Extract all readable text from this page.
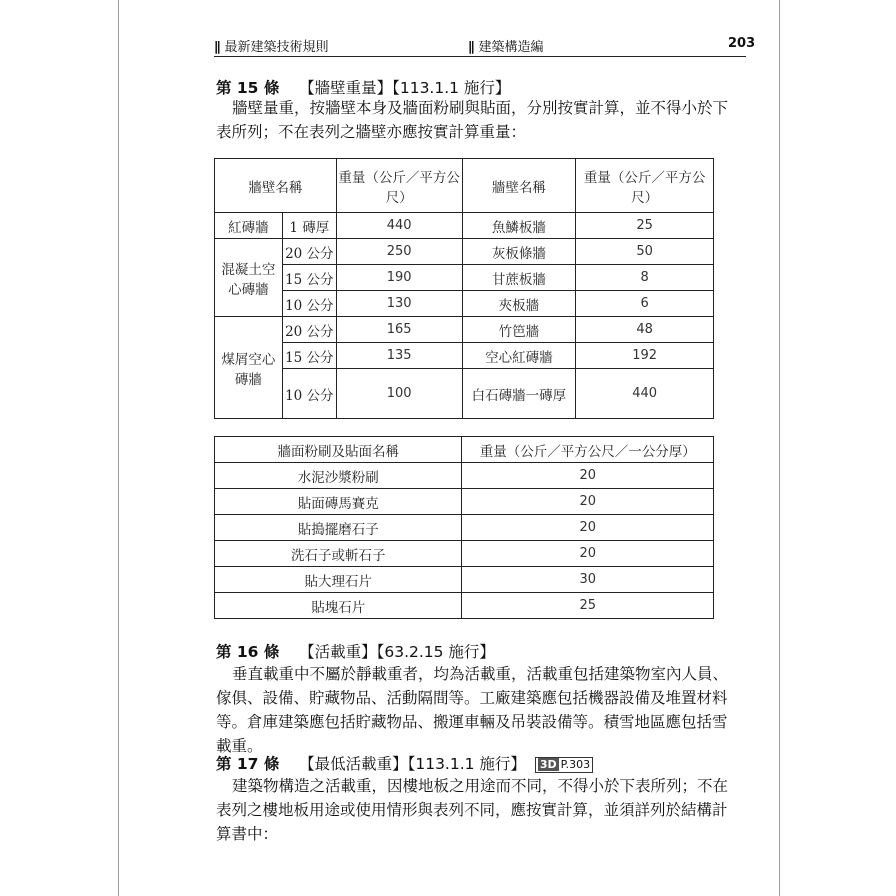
∥ 最新建築技術規則	∥ 建築構造編	203
第 15 條 【牆壁重量】【113.1.1 施行】
牆壁量重，按牆壁本身及牆面粉刷與貼面，分別按實計算，並不得小於下表所列；不在表列之牆壁亦應按實計算重量：
牆壁名稱		重量（公斤／平方公尺）	牆壁名稱	重量（公斤／平方公尺）
紅磚牆	1 磚厚	440	魚鱗板牆	25
混凝土空心磚牆	20 公分	250	灰板條牆	50
	15 公分	190	甘蔗板牆	8
	10 公分	130	夾板牆	6
煤屑空心磚牆	20 公分	165	竹笆牆	48
	15 公分	135	空心紅磚牆	192
	10 公分	100	白石磚牆一磚厚	440
牆面粉刷及貼面名稱	重量（公斤／平方公尺／一公分厚）
水泥沙漿粉刷	20
貼面磚馬賽克	20
貼搗擺磨石子	20
洗石子或斬石子	20
貼大理石片	30
貼塊石片	25
第 16 條 【活載重】【63.2.15 施行】
垂直載重中不屬於靜載重者，均為活載重，活載重包括建築物室內人員、傢俱、設備、貯藏物品、活動隔間等。工廠建築應包括機器設備及堆置材料等。倉庫建築應包括貯藏物品、搬運車輛及吊裝設備等。積雪地區應包括雪載重。
第 17 條 【最低活載重】【113.1.1 施行】 3D P.303
建築物構造之活載重，因樓地板之用途而不同，不得小於下表所列；不在表列之樓地板用途或使用情形與表列不同，應按實計算，並須詳列於結構計算書中：
